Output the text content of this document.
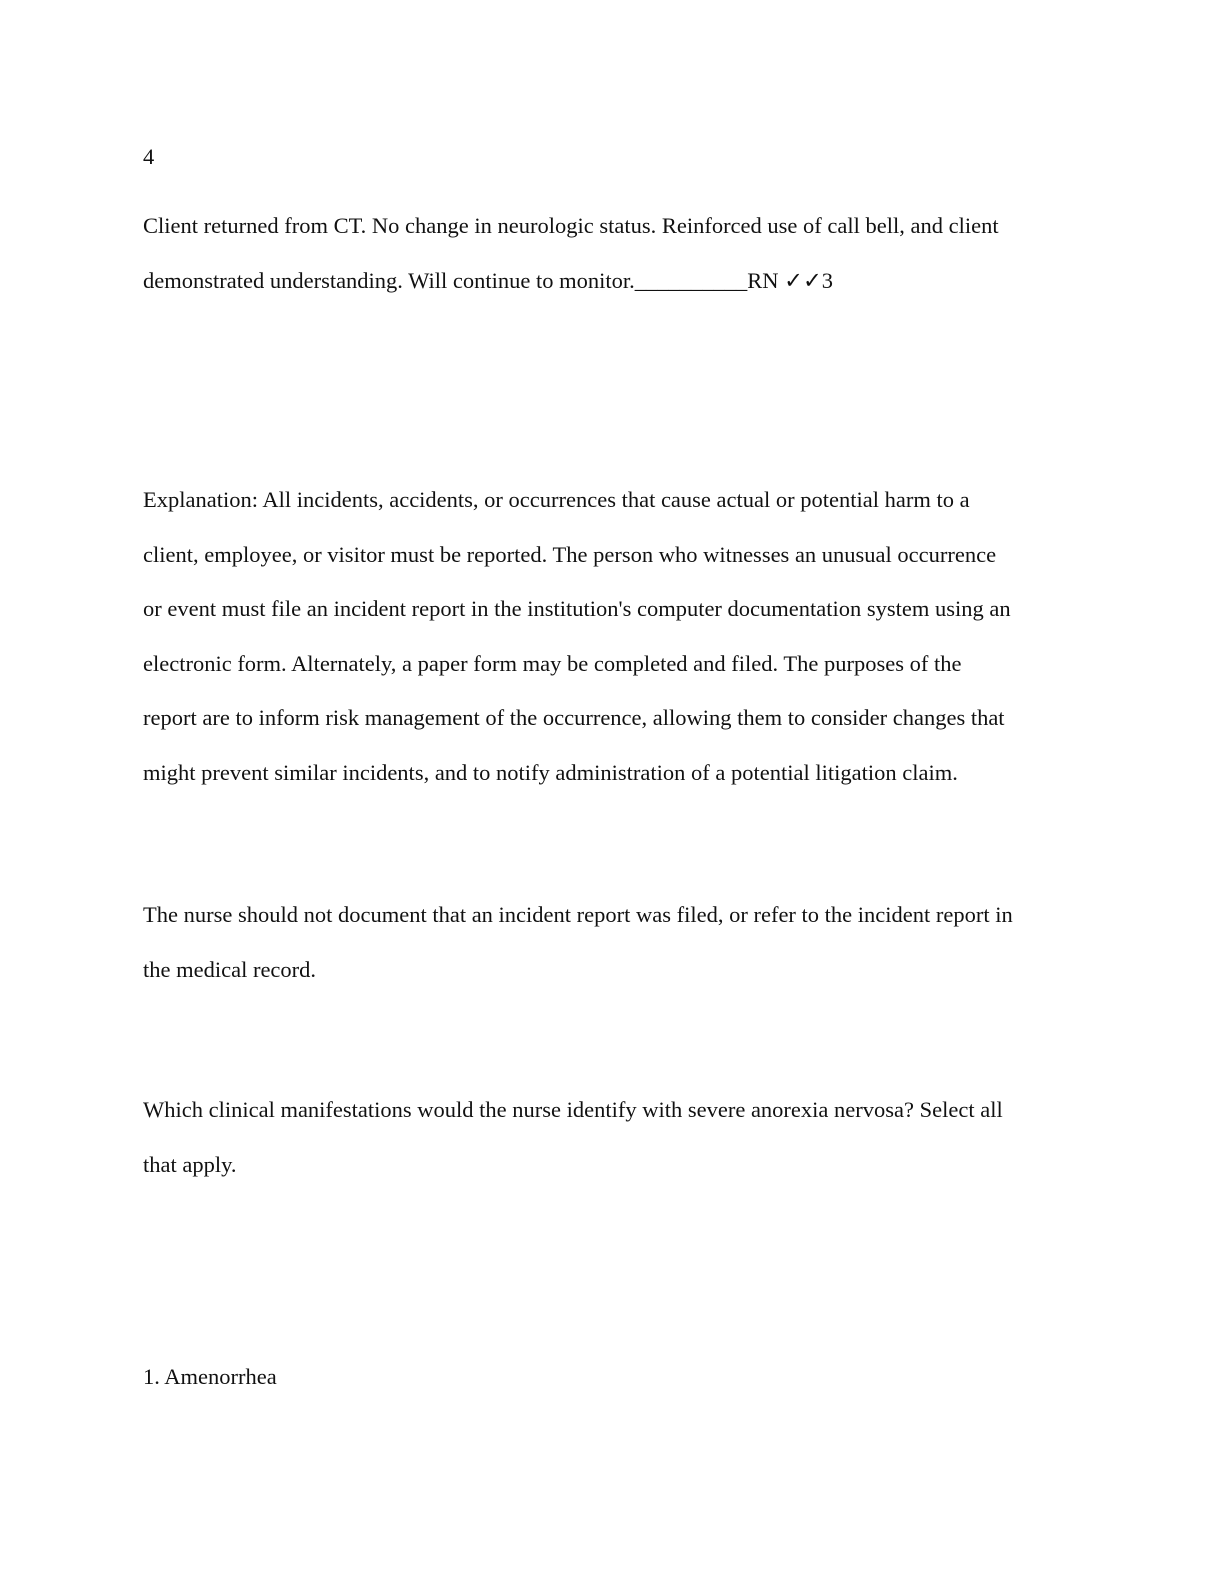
4
Client returned from CT. No change in neurologic status. Reinforced use of call bell, and client
demonstrated understanding. Will continue to monitor.__________RN ✓✓3
Explanation: All incidents, accidents, or occurrences that cause actual or potential harm to a
client, employee, or visitor must be reported. The person who witnesses an unusual occurrence
or event must file an incident report in the institution's computer documentation system using an
electronic form. Alternately, a paper form may be completed and filed. The purposes of the
report are to inform risk management of the occurrence, allowing them to consider changes that
might prevent similar incidents, and to notify administration of a potential litigation claim.
The nurse should not document that an incident report was filed, or refer to the incident report in
the medical record.
Which clinical manifestations would the nurse identify with severe anorexia nervosa? Select all
that apply.
1. Amenorrhea
